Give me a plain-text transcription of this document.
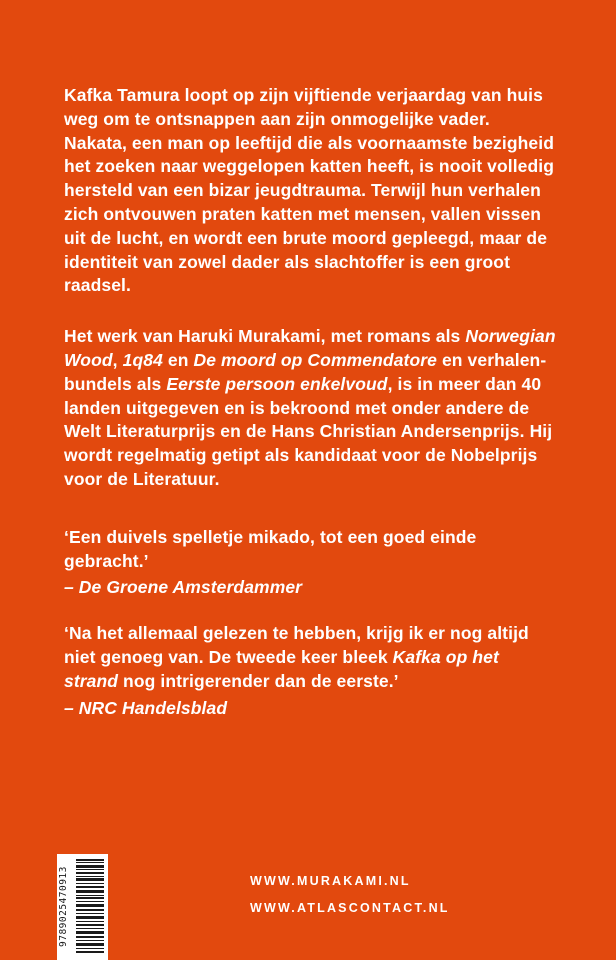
Kafka Tamura loopt op zijn vijftiende verjaardag van huis weg om te ontsnappen aan zijn onmogelijke vader. Nakata, een man op leeftijd die als voornaamste bezigheid het zoeken naar weggelopen katten heeft, is nooit volledig hersteld van een bizar jeugdtrauma. Terwijl hun verhalen zich ontvouwen praten katten met mensen, vallen vissen uit de lucht, en wordt een brute moord gepleegd, maar de identiteit van zowel dader als slachtoffer is een groot raadsel.

Het werk van Haruki Murakami, met romans als Norwegian Wood, 1q84 en De moord op Commendatore en verhalen-bundels als Eerste persoon enkelvoud, is in meer dan 40 landen uitgegeven en is bekroond met onder andere de Welt Literaturprijs en de Hans Christian Andersenprijs. Hij wordt regelmatig getipt als kandidaat voor de Nobelprijs voor de Literatuur.

‘Een duivels spelletje mikado, tot een goed einde gebracht.’

– De Groene Amsterdammer

‘Na het allemaal gelezen te hebben, krijg ik er nog altijd niet genoeg van. De tweede keer bleek Kafka op het strand nog intrigerender dan de eerste.’

– NRC Handelsblad

9789025470913	WWW.MURAKAMI.NL
WWW.ATLASCONTACT.NL
